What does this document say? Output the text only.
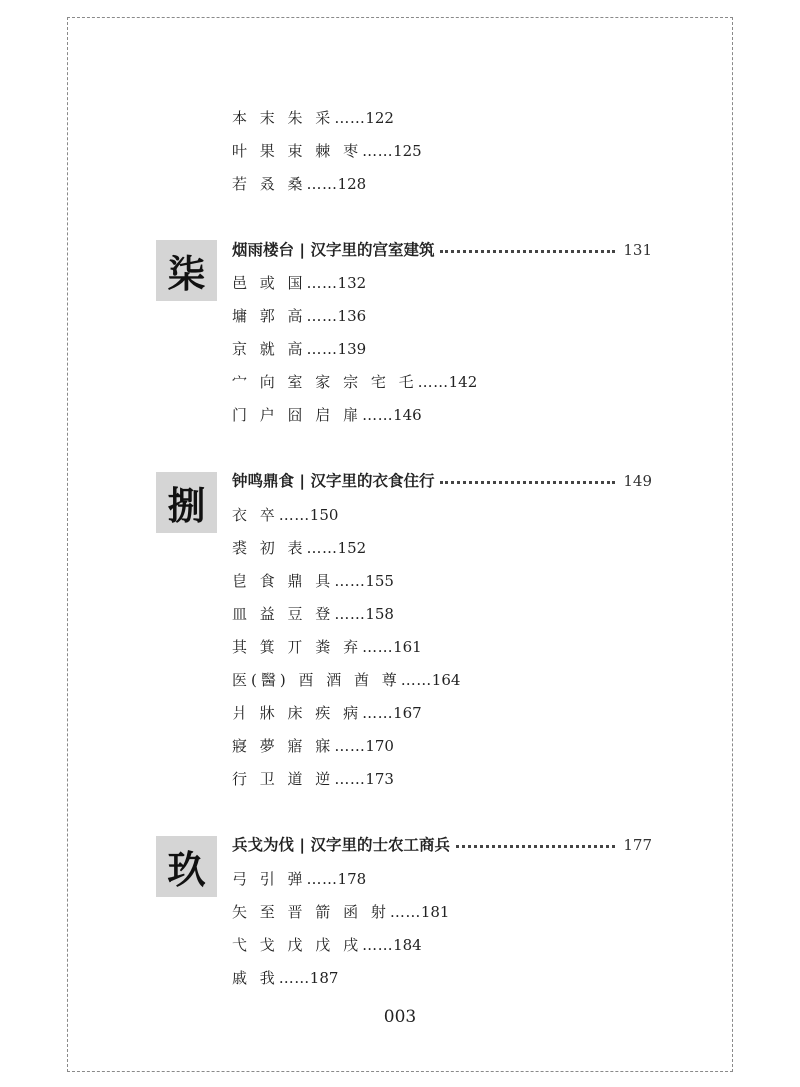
本 末 朱 采……122
叶 果 束 棘 枣……125
若 叒 桑……128
柒
烟雨楼台 | 汉字里的宫室建筑	131
邑 或 国……132
墉 郭 高……136
京 就 高……139
宀 向 室 家 宗 宅 乇……142
门 户 囧 启 扉……146
捌
钟鸣鼎食 | 汉字里的衣食住行	149
衣 卒……150
裘 初 表……152
皀 食 鼎 具……155
皿 益 豆 登……158
其 箕 丌 粪 弃……161
医(醫) 酉 酒 酋 尊……164
爿 牀 床 疾 病……167
寢 夢 寤 寐……170
行 卫 道 逆……173
玖
兵戈为伐 | 汉字里的士农工商兵	177
弓 引 弹……178
矢 至 晋 箭 函 射……181
弋 戈 戊 戊 戌……184
戚 我……187
003
